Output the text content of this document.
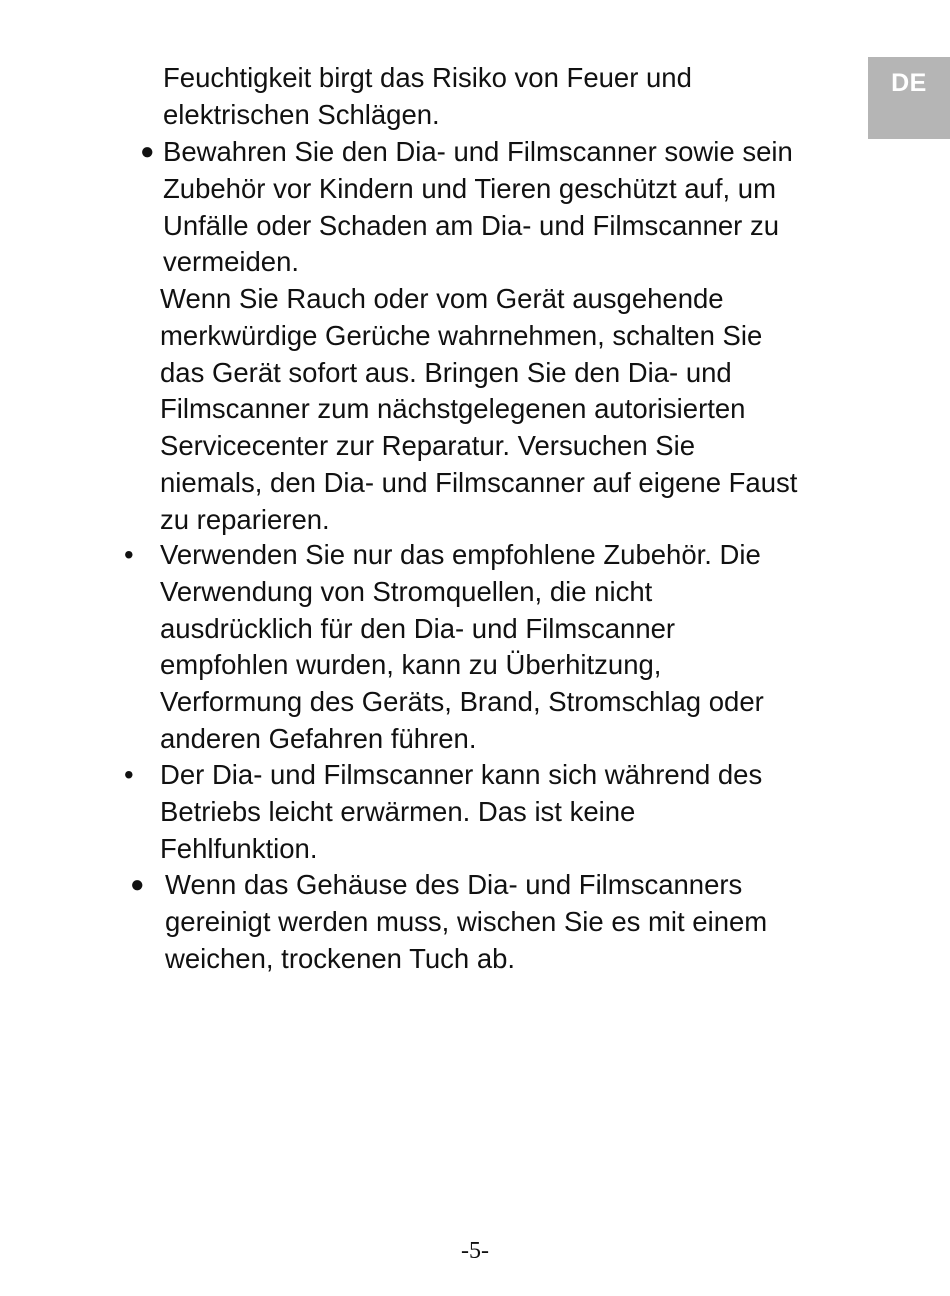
DE
Feuchtigkeit birgt das Risiko von Feuer und
elektrischen Schlägen.
● Bewahren Sie den Dia- und Filmscanner sowie sein
Zubehör vor Kindern und Tieren geschützt auf, um
Unfälle oder Schaden am Dia- und Filmscanner zu
vermeiden.
Wenn Sie Rauch oder vom Gerät ausgehende
merkwürdige Gerüche wahrnehmen, schalten Sie
das Gerät sofort aus. Bringen Sie den Dia- und
Filmscanner zum nächstgelegenen autorisierten
Servicecenter zur Reparatur. Versuchen Sie
niemals, den Dia- und Filmscanner auf eigene Faust
zu reparieren.
• Verwenden Sie nur das empfohlene Zubehör. Die
Verwendung von Stromquellen, die nicht
ausdrücklich für den Dia- und Filmscanner
empfohlen wurden, kann zu Überhitzung,
Verformung des Geräts, Brand, Stromschlag oder
anderen Gefahren führen.
• Der Dia- und Filmscanner kann sich während des
Betriebs leicht erwärmen. Das ist keine
Fehlfunktion.
● Wenn das Gehäuse des Dia- und Filmscanners
gereinigt werden muss, wischen Sie es mit einem
weichen, trockenen Tuch ab.
-5-
